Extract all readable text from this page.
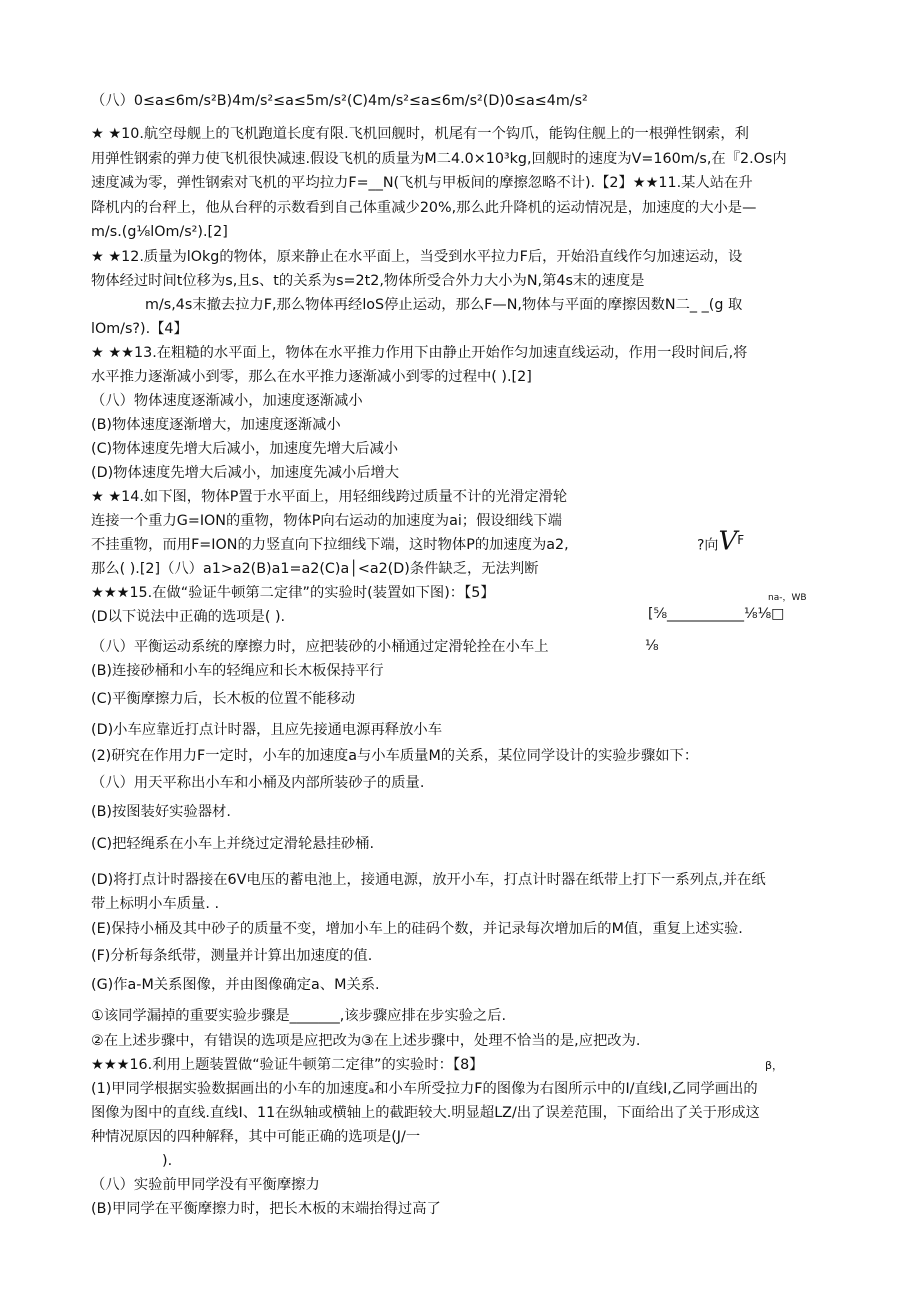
（八）0≤a≤6m/s²B)4m/s²≤a≤5m/s²(C)4m/s²≤a≤6m/s²(D)0≤a≤4m/s²
★ ★10.航空母舰上的飞机跑道长度有限.飞机回舰时，机尾有一个钩爪，能钩住舰上的一根弹性钢索，利
用弹性钢索的弹力使飞机很快减速.假设飞机的质量为M二4.0×10³kg,回舰时的速度为V=160m/s,在『2.Os内
速度减为零，弹性钢索对飞机的平均拉力F=__N(飞机与甲板间的摩擦忽略不计).【2】★★11.某人站在升
降机内的台秤上，他从台秤的示数看到自己体重减少20%,那么此升降机的运动情况是，加速度的大小是—
m/s.(g⅛lOm/s²).[2]
★ ★12.质量为lOkg的物体，原来静止在水平面上，当受到水平拉力F后，开始沿直线作匀加速运动，设
物体经过时间t位移为s,且s、t的关系为s=2t2,物体所受合外力大小为N,第4s末的速度是
m/s,4s末撤去拉力F,那么物体再经loS停止运动，那么F—N,物体与平面的摩擦因数N二_ _(g 取
lOm/s?).【4】
★ ★★13.在粗糙的水平面上，物体在水平推力作用下由静止开始作匀加速直线运动，作用一段时间后,将
水平推力逐渐减小到零，那么在水平推力逐渐减小到零的过程中( ).[2]
（八）物体速度逐渐减小，加速度逐渐减小
(B)物体速度逐渐增大，加速度逐渐减小
(C)物体速度先增大后减小，加速度先增大后减小
(D)物体速度先增大后减小，加速度先减小后增大
★ ★14.如下图，物体P置于水平面上，用轻细线跨过质量不计的光滑定滑轮
连接一个重力G=ION的重物，物体P向右运动的加速度为ai；假设细线下端
不挂重物，而用F=ION的力竖直向下拉细线下端，这时物体P的加速度为a2,
那么( ).[2]（八）a1>a2(B)a1=a2(C)a│<a2(D)条件缺乏，无法判断
★★★15.在做“验证牛顿第二定律”的实验时(装置如下图)：【5】
(D以下说法中正确的选项是( ).
（八）平衡运动系统的摩擦力时，应把装砂的小桶通过定滑轮拴在小车上
(B)连接砂桶和小车的轻绳应和长木板保持平行
(C)平衡摩擦力后，长木板的位置不能移动
(D)小车应靠近打点计时器，且应先接通电源再释放小车
(2)研究在作用力F一定时，小车的加速度a与小车质量M的关系，某位同学设计的实验步骤如下：
（八）用天平称出小车和小桶及内部所装砂子的质量.
(B)按图装好实验器材.
(C)把轻绳系在小车上并绕过定滑轮悬挂砂桶.
(D)将打点计时器接在6V电压的蓄电池上，接通电源，放开小车，打点计时器在纸带上打下一系列点,并在纸
带上标明小车质量. .
(E)保持小桶及其中砂子的质量不变，增加小车上的硅码个数，并记录每次增加后的M值，重复上述实验.
(F)分析每条纸带，测量并计算出加速度的值.
(G)作a-M关系图像，并由图像确定a、M关系.
①该同学漏掉的重要实验步骤是_______,该步骤应排在步实验之后.
②在上述步骤中，有错误的选项是应把改为③在上述步骤中，处理不恰当的是,应把改为.
★★★16.利用上题装置做“验证牛顿第二定律”的实验时：【8】
(1)甲同学根据实验数据画出的小车的加速度ₐ和小车所受拉力F的图像为右图所示中的I/直线I,乙同学画出的
图像为图中的直线.直线I、11在纵轴或横轴上的截距较大.明显超LZ/出了误差范围，下面给出了关于形成这
种情况原因的四种解释，其中可能正确的选项是(J/一
).
（八）实验前甲同学没有平衡摩擦力
(B)甲同学在平衡摩擦力时，把长木板的末端抬得过高了
?向$V^F$
na-，WB
[⅝___________⅛⅛□
⅛
β，
